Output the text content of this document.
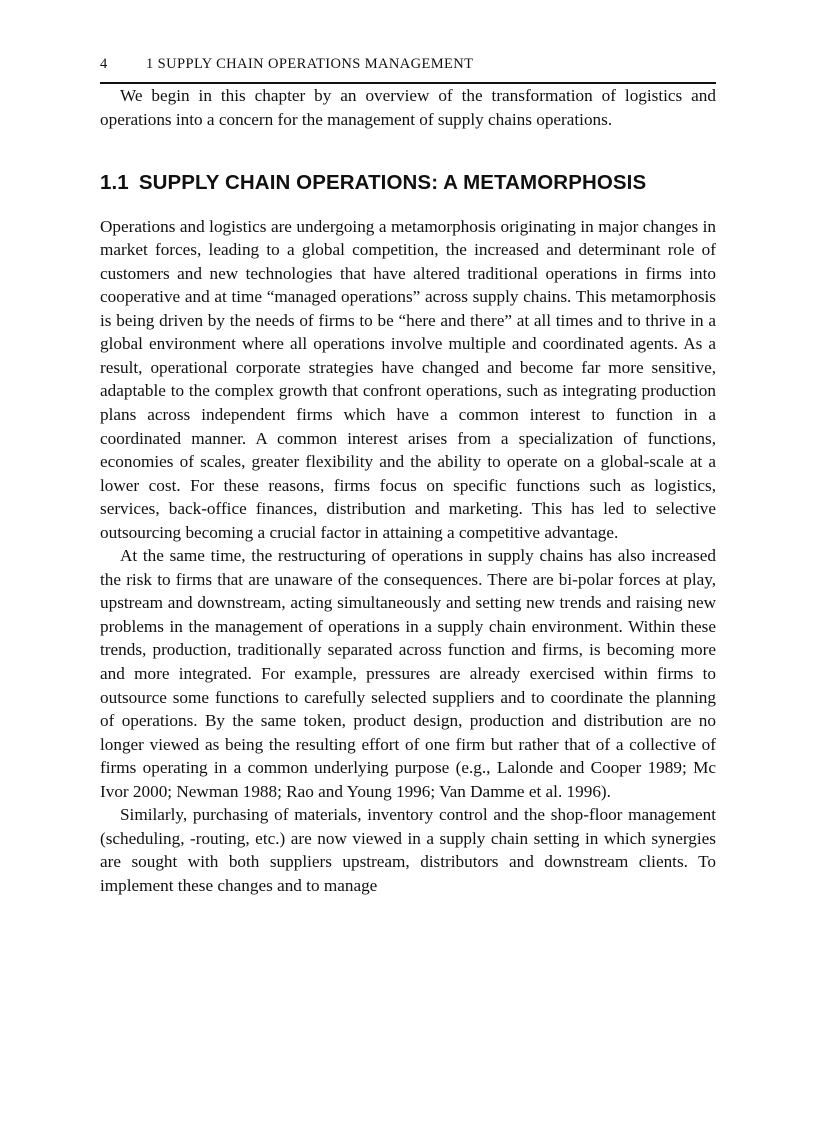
4	1 SUPPLY CHAIN OPERATIONS MANAGEMENT

We begin in this chapter by an overview of the transformation of logistics and operations into a concern for the management of supply chains operations.

1.1 SUPPLY CHAIN OPERATIONS: A METAMORPHOSIS

Operations and logistics are undergoing a metamorphosis originating in major changes in market forces, leading to a global competition, the increased and determinant role of customers and new technologies that have altered traditional operations in firms into cooperative and at time “managed operations” across supply chains. This metamorphosis is being driven by the needs of firms to be “here and there” at all times and to thrive in a global environment where all operations involve multiple and coordinated agents. As a result, operational corporate strategies have changed and become far more sensitive, adaptable to the complex growth that confront operations, such as integrating production plans across independent firms which have a common interest to function in a coordinated manner. A common interest arises from a specialization of functions, economies of scales, greater flexibility and the ability to operate on a global-scale at a lower cost. For these reasons, firms focus on specific functions such as logistics, services, back-office finances, distribution and marketing. This has led to selective outsourcing becoming a crucial factor in attaining a competitive advantage.

At the same time, the restructuring of operations in supply chains has also increased the risk to firms that are unaware of the consequences. There are bi-polar forces at play, upstream and downstream, acting simultaneously and setting new trends and raising new problems in the management of operations in a supply chain environment. Within these trends, production, traditionally separated across function and firms, is becoming more and more integrated. For example, pressures are already exercised within firms to outsource some functions to carefully selected suppliers and to coordinate the planning of operations. By the same token, product design, production and distribution are no longer viewed as being the resulting effort of one firm but rather that of a collective of firms operating in a common underlying purpose (e.g., Lalonde and Cooper 1989; Mc Ivor 2000; Newman 1988; Rao and Young 1996; Van Damme et al. 1996).

Similarly, purchasing of materials, inventory control and the shop-floor management (scheduling, -routing, etc.) are now viewed in a supply chain setting in which synergies are sought with both suppliers upstream, distributors and downstream clients. To implement these changes and to manage
